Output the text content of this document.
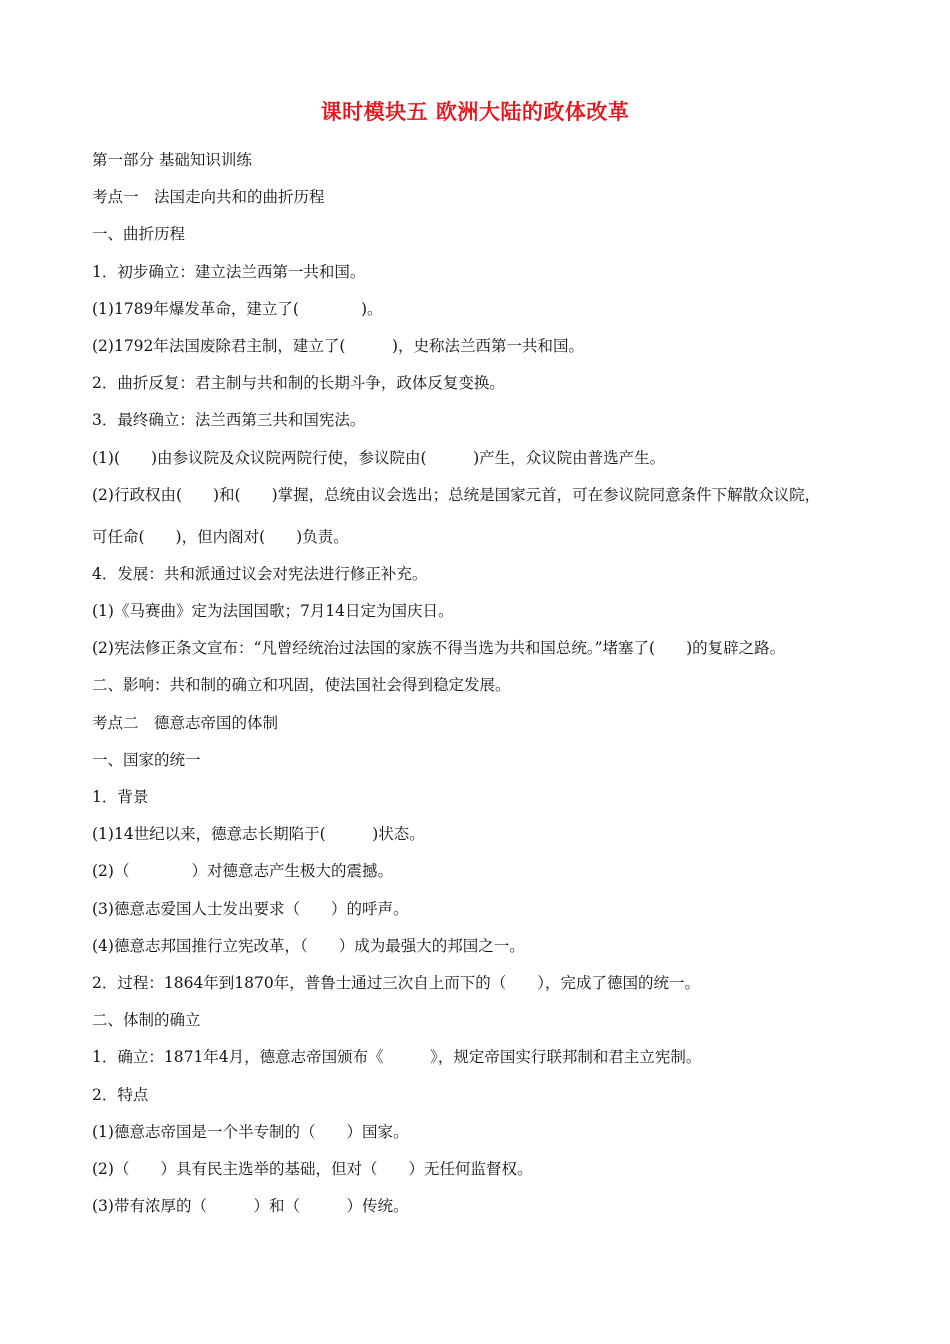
课时模块五 欧洲大陆的政体改革
第一部分 基础知识训练
考点一　法国走向共和的曲折历程
一、曲折历程
1．初步确立：建立法兰西第一共和国。
(1)1789年爆发革命，建立了(　　　　)。
(2)1792年法国废除君主制，建立了(　　　)，史称法兰西第一共和国。
2．曲折反复：君主制与共和制的长期斗争，政体反复变换。
3．最终确立：法兰西第三共和国宪法。
(1)(　　)由参议院及众议院两院行使，参议院由(　　　)产生，众议院由普选产生。
(2)行政权由(　　)和(　　)掌握，总统由议会选出；总统是国家元首，可在参议院同意条件下解散众议院，
可任命(　　)，但内阁对(　　)负责。
4．发展：共和派通过议会对宪法进行修正补充。
(1)《马赛曲》定为法国国歌；7月14日定为国庆日。
(2)宪法修正条文宣布：“凡曾经统治过法国的家族不得当选为共和国总统。”堵塞了(　　)的复辟之路。
二、影响：共和制的确立和巩固，使法国社会得到稳定发展。
考点二　德意志帝国的体制
一、国家的统一
1．背景
(1)14世纪以来，德意志长期陷于(　　　)状态。
(2)（　　　　）对德意志产生极大的震撼。
(3)德意志爱国人士发出要求（　　）的呼声。
(4)德意志邦国推行立宪改革，（　　）成为最强大的邦国之一。
2．过程：1864年到1870年，普鲁士通过三次自上而下的（　　），完成了德国的统一。
二、体制的确立
1．确立：1871年4月，德意志帝国颁布《　　　》，规定帝国实行联邦制和君主立宪制。
2．特点
(1)德意志帝国是一个半专制的（　　）国家。
(2)（　　）具有民主选举的基础，但对（　　）无任何监督权。
(3)带有浓厚的（　　　）和（　　　）传统。
